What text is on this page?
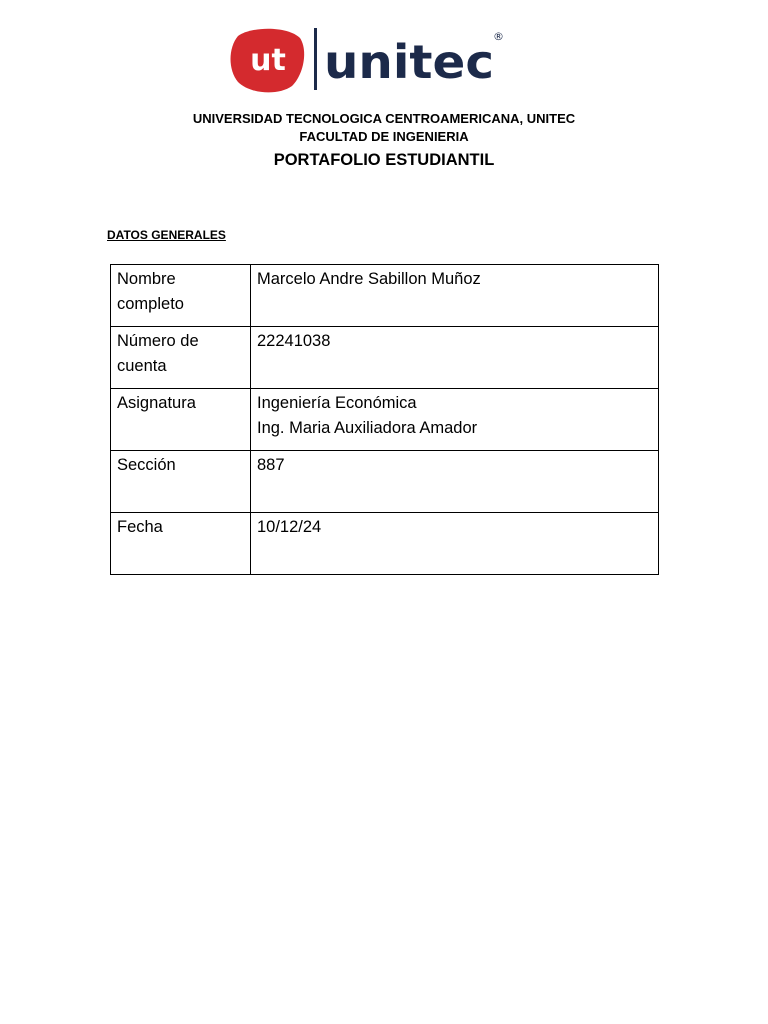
ut unitec ®
UNIVERSIDAD TECNOLOGICA CENTROAMERICANA, UNITEC
FACULTAD DE INGENIERIA
PORTAFOLIO ESTUDIANTIL
DATOS GENERALES
Nombre
completo	Marcelo Andre Sabillon Muñoz

Número de
cuenta	22241038

Asignatura	Ingeniería Económica
Ing. Maria Auxiliadora Amador

Sección	887

Fecha	10/12/24
